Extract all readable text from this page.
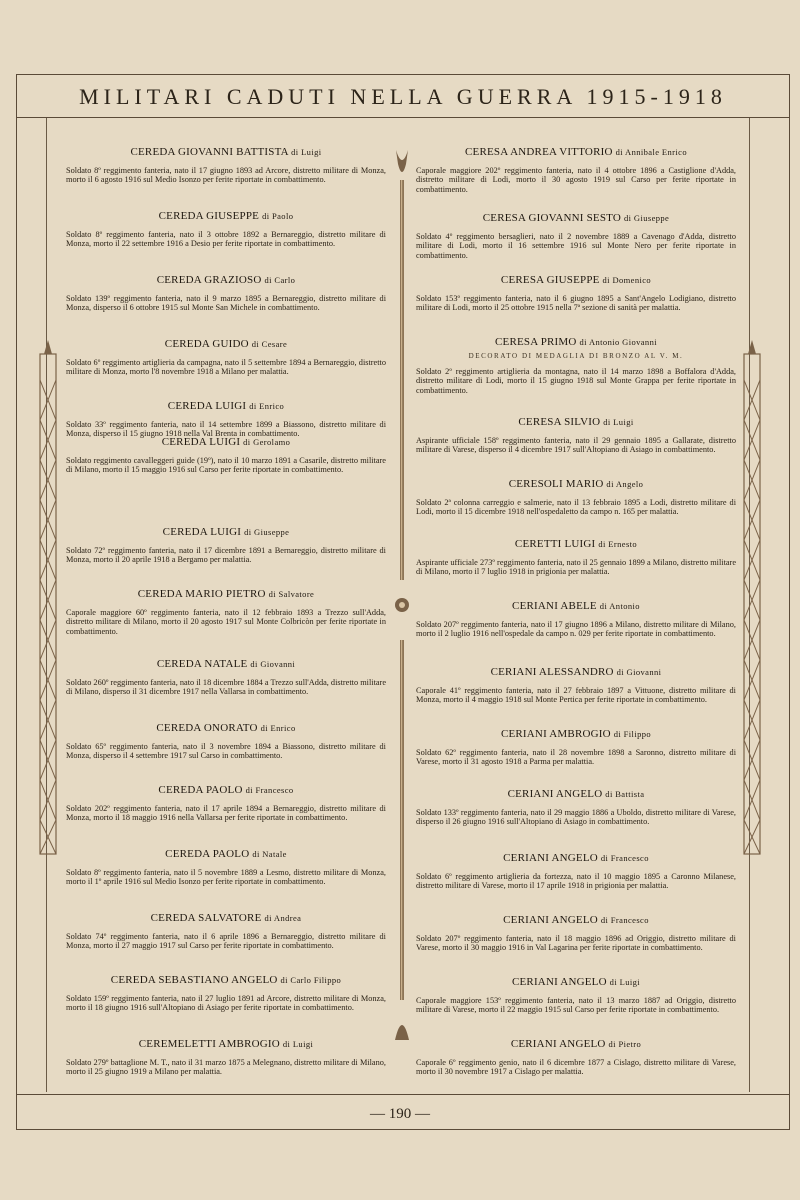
MILITARI CADUTI NELLA GUERRA 1915-1918
CEREDA GIOVANNI BATTISTA di Luigi

Soldato 8º reggimento fanteria, nato il 17 giugno 1893 ad Arcore, distretto militare di Monza, morto il 6 agosto 1916 sul Medio Isonzo per ferite riportate in combattimento.

CEREDA GIUSEPPE di Paolo

Soldato 8º reggimento fanteria, nato il 3 ottobre 1892 a Bernareggio, distretto militare di Monza, morto il 22 settembre 1916 a Desio per ferite riportate in combattimento.

CEREDA GRAZIOSO di Carlo

Soldato 139º reggimento fanteria, nato il 9 marzo 1895 a Bernareggio, distretto militare di Monza, disperso il 6 ottobre 1915 sul Monte San Michele in combattimento.

CEREDA GUIDO di Cesare

Soldato 6º reggimento artiglieria da campagna, nato il 5 settembre 1894 a Bernareggio, distretto militare di Monza, morto l'8 novembre 1918 a Milano per malattia.

CEREDA LUIGI di Enrico

Soldato 33º reggimento fanteria, nato il 14 settembre 1899 a Biassono, distretto militare di Monza, disperso il 15 giugno 1918 nella Val Brenta in combattimento.

CEREDA LUIGI di Gerolamo

Soldato reggimento cavalleggeri guide (19º), nato il 10 marzo 1891 a Casarile, distretto militare di Milano, morto il 15 maggio 1916 sul Carso per ferite riportate in combattimento.

CEREDA LUIGI di Giuseppe

Soldato 72º reggimento fanteria, nato il 17 dicembre 1891 a Bernareggio, distretto militare di Monza, morto il 20 aprile 1918 a Bergamo per malattia.

CEREDA MARIO PIETRO di Salvatore

Caporale maggiore 60º reggimento fanteria, nato il 12 febbraio 1893 a Trezzo sull'Adda, distretto militare di Milano, morto il 20 agosto 1917 sul Monte Colbricòn per ferite riportate in combattimento.

CEREDA NATALE di Giovanni

Soldato 260º reggimento fanteria, nato il 18 dicembre 1884 a Trezzo sull'Adda, distretto militare di Milano, disperso il 31 dicembre 1917 nella Vallarsa in combattimento.

CEREDA ONORATO di Enrico

Soldato 65º reggimento fanteria, nato il 3 novembre 1894 a Biassono, distretto militare di Monza, disperso il 4 settembre 1917 sul Carso in combattimento.

CEREDA PAOLO di Francesco

Soldato 202º reggimento fanteria, nato il 17 aprile 1894 a Bernareggio, distretto militare di Monza, morto il 18 maggio 1916 nella Vallarsa per ferite riportate in combattimento.

CEREDA PAOLO di Natale

Soldato 8º reggimento fanteria, nato il 5 novembre 1889 a Lesmo, distretto militare di Monza, morto il 1º aprile 1916 sul Medio Isonzo per ferite riportate in combattimento.

CEREDA SALVATORE di Andrea

Soldato 74º reggimento fanteria, nato il 6 aprile 1896 a Bernareggio, distretto militare di Monza, morto il 27 maggio 1917 sul Carso per ferite riportate in combattimento.

CEREDA SEBASTIANO ANGELO di Carlo Filippo

Soldato 159º reggimento fanteria, nato il 27 luglio 1891 ad Arcore, distretto militare di Monza, morto il 18 giugno 1916 sull'Altopiano di Asiago per ferite riportate in combattimento.

CEREMELETTI AMBROGIO di Luigi

Soldato 279º battaglione M. T., nato il 31 marzo 1875 a Melegnano, distretto militare di Milano, morto il 25 giugno 1919 a Milano per malattia.

CERESA ANDREA VITTORIO di Annibale Enrico

Caporale maggiore 202º reggimento fanteria, nato il 4 ottobre 1896 a Castiglione d'Adda, distretto militare di Lodi, morto il 30 agosto 1919 sul Carso per ferite riportate in combattimento.

CERESA GIOVANNI SESTO di Giuseppe

Soldato 4º reggimento bersaglieri, nato il 2 novembre 1889 a Cavenago d'Adda, distretto militare di Lodi, morto il 16 settembre 1916 sul Monte Nero per ferite riportate in combattimento.

CERESA GIUSEPPE di Domenico

Soldato 153º reggimento fanteria, nato il 6 giugno 1895 a Sant'Angelo Lodigiano, distretto militare di Lodi, morto il 25 ottobre 1915 nella 7ª sezione di sanità per malattia.

CERESA PRIMO di Antonio Giovanni
DECORATO DI MEDAGLIA DI BRONZO AL V. M.

Soldato 2º reggimento artiglieria da montagna, nato il 14 marzo 1898 a Boffalora d'Adda, distretto militare di Lodi, morto il 15 giugno 1918 sul Monte Grappa per ferite riportate in combattimento.

CERESA SILVIO di Luigi

Aspirante ufficiale 158º reggimento fanteria, nato il 29 gennaio 1895 a Gallarate, distretto militare di Varese, disperso il 4 dicembre 1917 sull'Altopiano di Asiago in combattimento.

CERESOLI MARIO di Angelo

Soldato 2ª colonna carreggio e salmerie, nato il 13 febbraio 1895 a Lodi, distretto militare di Lodi, morto il 15 dicembre 1918 nell'ospedaletto da campo n. 165 per malattia.

CERETTI LUIGI di Ernesto

Aspirante ufficiale 273º reggimento fanteria, nato il 25 gennaio 1899 a Milano, distretto militare di Milano, morto il 7 luglio 1918 in prigionia per malattia.

CERIANI ABELE di Antonio

Soldato 207º reggimento fanteria, nato il 17 giugno 1896 a Milano, distretto militare di Milano, morto il 2 luglio 1916 nell'ospedale da campo n. 029 per ferite riportate in combattimento.

CERIANI ALESSANDRO di Giovanni

Caporale 41º reggimento fanteria, nato il 27 febbraio 1897 a Vittuone, distretto militare di Monza, morto il 4 maggio 1918 sul Monte Pertica per ferite riportate in combattimento.

CERIANI AMBROGIO di Filippo

Soldato 62º reggimento fanteria, nato il 28 novembre 1898 a Saronno, distretto militare di Varese, morto il 31 agosto 1918 a Parma per malattia.

CERIANI ANGELO di Battista

Soldato 133º reggimento fanteria, nato il 29 maggio 1886 a Uboldo, distretto militare di Varese, disperso il 26 giugno 1916 sull'Altopiano di Asiago in combattimento.

CERIANI ANGELO di Francesco

Soldato 6º reggimento artiglieria da fortezza, nato il 10 maggio 1895 a Caronno Milanese, distretto militare di Varese, morto il 17 aprile 1918 in prigionia per malattia.

CERIANI ANGELO di Francesco

Soldato 207º reggimento fanteria, nato il 18 maggio 1896 ad Origgio, distretto militare di Varese, morto il 30 maggio 1916 in Val Lagarina per ferite riportate in combattimento.

CERIANI ANGELO di Luigi

Caporale maggiore 153º reggimento fanteria, nato il 13 marzo 1887 ad Origgio, distretto militare di Varese, morto il 22 maggio 1915 sul Carso per ferite riportate in combattimento.

CERIANI ANGELO di Pietro

Caporale 6º reggimento genio, nato il 6 dicembre 1877 a Cislago, distretto militare di Varese, morto il 30 novembre 1917 a Cislago per malattia.

— 190 —
